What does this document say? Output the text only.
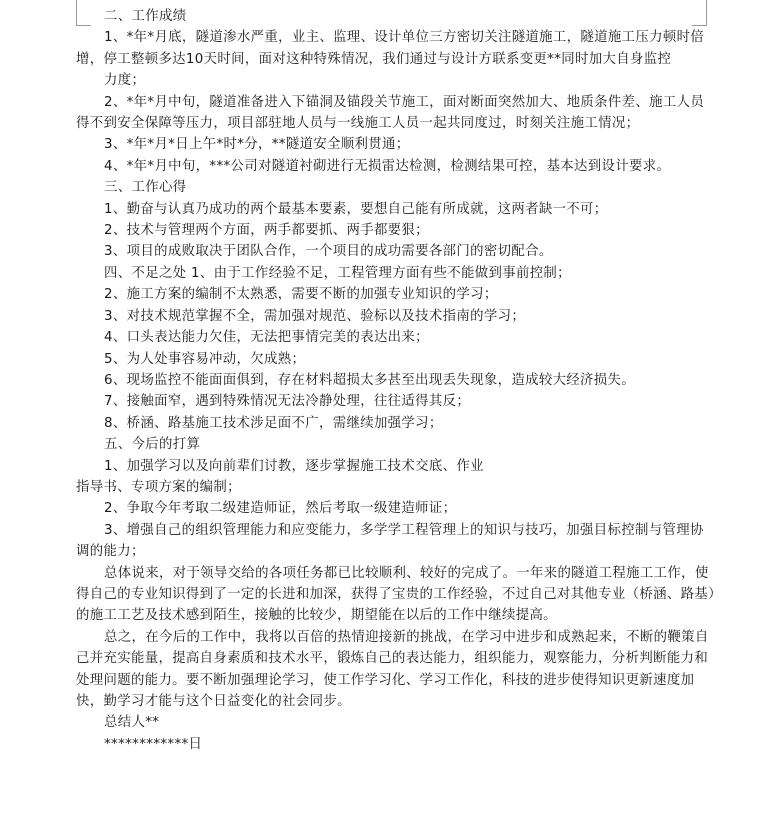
二、工作成绩

1、*年*月底，隧道渗水严重，业主、监理、设计单位三方密切关注隧道施工，隧道施工压力顿时倍增，停工整顿多达10天时间，面对这种特殊情况，我们通过与设计方联系变更**同时加大自身监控

力度；

2、*年*月中旬，隧道准备进入下锚洞及锚段关节施工，面对断面突然加大、地质条件差、施工人员得不到安全保障等压力，项目部驻地人员与一线施工人员一起共同度过，时刻关注施工情况；

3、*年*月*日上午*时*分，**隧道安全顺利贯通；

4、*年*月中旬，***公司对隧道衬砌进行无损雷达检测，检测结果可控，基本达到设计要求。

三、工作心得

1、勤奋与认真乃成功的两个最基本要素，要想自己能有所成就，这两者缺一不可；

2、技术与管理两个方面，两手都要抓、两手都要狠；

3、项目的成败取决于团队合作，一个项目的成功需要各部门的密切配合。

四、不足之处 1、由于工作经验不足，工程管理方面有些不能做到事前控制；

2、施工方案的编制不太熟悉，需要不断的加强专业知识的学习；

3、对技术规范掌握不全，需加强对规范、验标以及技术指南的学习；

4、口头表达能力欠佳，无法把事情完美的表达出来；

5、为人处事容易冲动，欠成熟；

6、现场监控不能面面俱到，存在材料超损太多甚至出现丢失现象，造成较大经济损失。

7、接触面窄，遇到特殊情况无法冷静处理，往往适得其反；

8、桥涵、路基施工技术涉足面不广，需继续加强学习；

五、今后的打算

1、加强学习以及向前辈们讨教，逐步掌握施工技术交底、作业

指导书、专项方案的编制；

2、争取今年考取二级建造师证，然后考取一级建造师证；

3、增强自己的组织管理能力和应变能力，多学学工程管理上的知识与技巧，加强目标控制与管理协调的能力；

总体说来，对于领导交给的各项任务都已比较顺利、较好的完成了。一年来的隧道工程施工工作，使得自己的专业知识得到了一定的长进和加深，获得了宝贵的工作经验，不过自己对其他专业（桥涵、路基）的施工工艺及技术感到陌生，接触的比较少，期望能在以后的工作中继续提高。

总之，在今后的工作中，我将以百倍的热情迎接新的挑战，在学习中进步和成熟起来，不断的鞭策自己并充实能量，提高自身素质和技术水平，锻炼自己的表达能力，组织能力，观察能力，分析判断能力和处理问题的能力。要不断加强理论学习，使工作学习化、学习工作化，科技的进步使得知识更新速度加快，勤学习才能与这个日益变化的社会同步。

总结人**

************日
